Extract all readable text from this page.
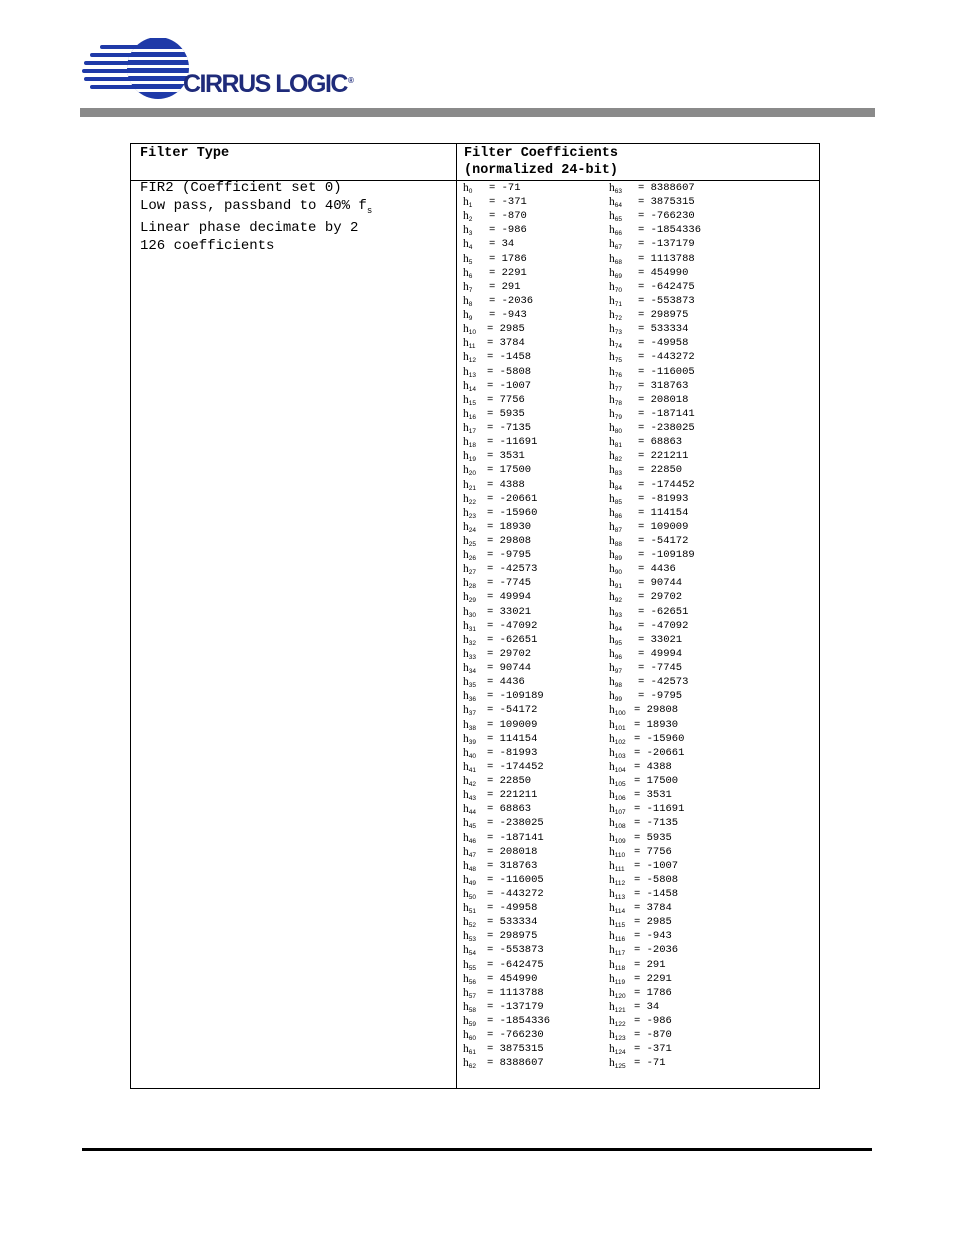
CIRRUS LOGIC®
Filter Type	Filter Coefficients
(normalized 24-bit)
FIR2 (Coefficient set 0)
Low pass, passband to 40% $f_s$
Linear phase decimate by 2
126 coefficients
$h_0 = -71$
$h_1 = -371$
$h_2 = -870$
$h_3 = -986$
$h_4 = 34$
$h_5 = 1786$
$h_6 = 2291$
$h_7 = 291$
$h_8 = -2036$
$h_9 = -943$
$h_{10} = 2985$
$h_{11} = 3784$
$h_{12} = -1458$
$h_{13} = -5808$
$h_{14} = -1007$
$h_{15} = 7756$
$h_{16} = 5935$
$h_{17} = -7135$
$h_{18} = -11691$
$h_{19} = 3531$
$h_{20} = 17500$
$h_{21} = 4388$
$h_{22} = -20661$
$h_{23} = -15960$
$h_{24} = 18930$
$h_{25} = 29808$
$h_{26} = -9795$
$h_{27} = -42573$
$h_{28} = -7745$
$h_{29} = 49994$
$h_{30} = 33021$
$h_{31} = -47092$
$h_{32} = -62651$
$h_{33} = 29702$
$h_{34} = 90744$
$h_{35} = 4436$
$h_{36} = -109189$
$h_{37} = -54172$
$h_{38} = 109009$
$h_{39} = 114154$
$h_{40} = -81993$
$h_{41} = -174452$
$h_{42} = 22850$
$h_{43} = 221211$
$h_{44} = 68863$
$h_{45} = -238025$
$h_{46} = -187141$
$h_{47} = 208018$
$h_{48} = 318763$
$h_{49} = -116005$
$h_{50} = -443272$
$h_{51} = -49958$
$h_{52} = 533334$
$h_{53} = 298975$
$h_{54} = -553873$
$h_{55} = -642475$
$h_{56} = 454990$
$h_{57} = 1113788$
$h_{58} = -137179$
$h_{59} = -1854336$
$h_{60} = -766230$
$h_{61} = 3875315$
$h_{62} = 8388607$
$h_{63} = 8388607$
$h_{64} = 3875315$
$h_{65} = -766230$
$h_{66} = -1854336$
$h_{67} = -137179$
$h_{68} = 1113788$
$h_{69} = 454990$
$h_{70} = -642475$
$h_{71} = -553873$
$h_{72} = 298975$
$h_{73} = 533334$
$h_{74} = -49958$
$h_{75} = -443272$
$h_{76} = -116005$
$h_{77} = 318763$
$h_{78} = 208018$
$h_{79} = -187141$
$h_{80} = -238025$
$h_{81} = 68863$
$h_{82} = 221211$
$h_{83} = 22850$
$h_{84} = -174452$
$h_{85} = -81993$
$h_{86} = 114154$
$h_{87} = 109009$
$h_{88} = -54172$
$h_{89} = -109189$
$h_{90} = 4436$
$h_{91} = 90744$
$h_{92} = 29702$
$h_{93} = -62651$
$h_{94} = -47092$
$h_{95} = 33021$
$h_{96} = 49994$
$h_{97} = -7745$
$h_{98} = -42573$
$h_{99} = -9795$
$h_{100} = 29808$
$h_{101} = 18930$
$h_{102} = -15960$
$h_{103} = -20661$
$h_{104} = 4388$
$h_{105} = 17500$
$h_{106} = 3531$
$h_{107} = -11691$
$h_{108} = -7135$
$h_{109} = 5935$
$h_{110} = 7756$
$h_{111} = -1007$
$h_{112} = -5808$
$h_{113} = -1458$
$h_{114} = 3784$
$h_{115} = 2985$
$h_{116} = -943$
$h_{117} = -2036$
$h_{118} = 291$
$h_{119} = 2291$
$h_{120} = 1786$
$h_{121} = 34$
$h_{122} = -986$
$h_{123} = -870$
$h_{124} = -371$
$h_{125} = -71$
